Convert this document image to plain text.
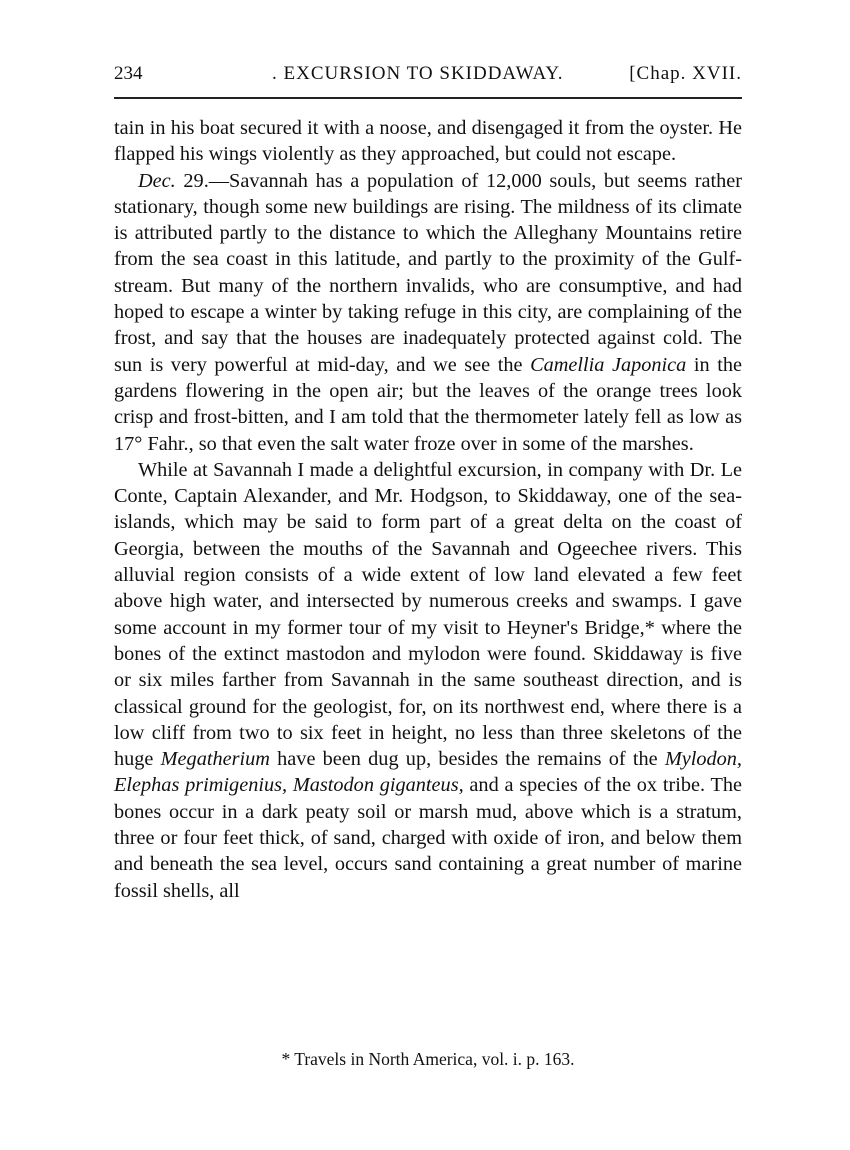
234	. EXCURSION TO SKIDDAWAY.	[Chap. XVII.

tain in his boat secured it with a noose, and disengaged it from the oyster. He flapped his wings violently as they approached, but could not escape.

Dec. 29.—Savannah has a population of 12,000 souls, but seems rather stationary, though some new buildings are rising. The mildness of its climate is attributed partly to the distance to which the Alleghany Mountains retire from the sea coast in this latitude, and partly to the proximity of the Gulf-stream. But many of the northern invalids, who are consumptive, and had hoped to escape a winter by taking refuge in this city, are complaining of the frost, and say that the houses are inadequately protected against cold. The sun is very powerful at mid-day, and we see the Camellia Japonica in the gardens flowering in the open air; but the leaves of the orange trees look crisp and frost-bitten, and I am told that the thermometer lately fell as low as 17° Fahr., so that even the salt water froze over in some of the marshes.

While at Savannah I made a delightful excursion, in company with Dr. Le Conte, Captain Alexander, and Mr. Hodgson, to Skiddaway, one of the sea-islands, which may be said to form part of a great delta on the coast of Georgia, between the mouths of the Savannah and Ogeechee rivers. This alluvial region consists of a wide extent of low land elevated a few feet above high water, and intersected by numerous creeks and swamps. I gave some account in my former tour of my visit to Heyner's Bridge,* where the bones of the extinct mastodon and mylodon were found. Skiddaway is five or six miles farther from Savannah in the same southeast direction, and is classical ground for the geologist, for, on its northwest end, where there is a low cliff from two to six feet in height, no less than three skeletons of the huge Megatherium have been dug up, besides the remains of the Mylodon, Elephas primigenius, Mastodon giganteus, and a species of the ox tribe. The bones occur in a dark peaty soil or marsh mud, above which is a stratum, three or four feet thick, of sand, charged with oxide of iron, and below them and beneath the sea level, occurs sand containing a great number of marine fossil shells, all

* Travels in North America, vol. i. p. 163.
